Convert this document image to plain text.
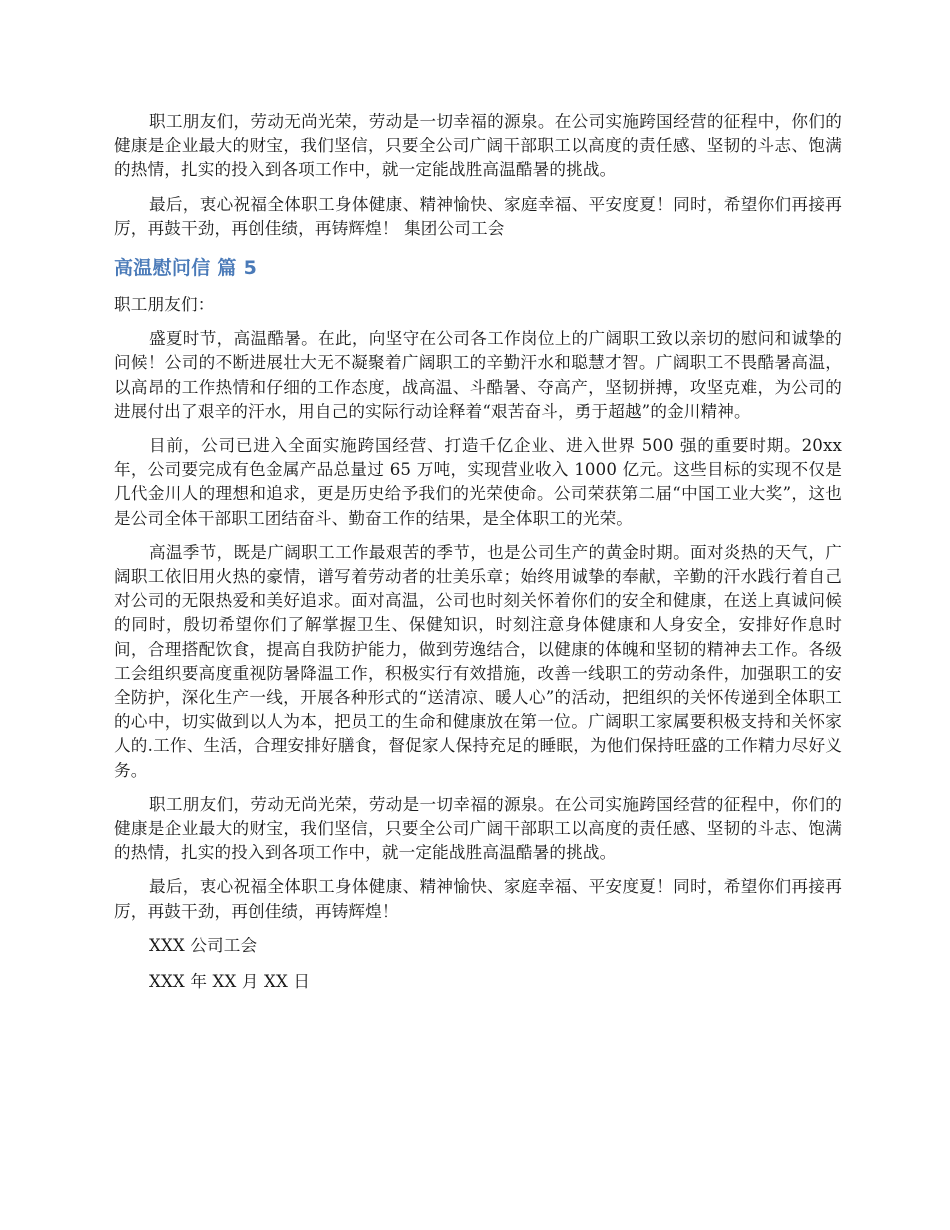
职工朋友们，劳动无尚光荣，劳动是一切幸福的源泉。在公司实施跨国经营的征程中，你们的健康是企业最大的财宝，我们坚信，只要全公司广阔干部职工以高度的责任感、坚韧的斗志、饱满的热情，扎实的投入到各项工作中，就一定能战胜高温酷暑的挑战。

最后，衷心祝福全体职工身体健康、精神愉快、家庭幸福、平安度夏！同时，希望你们再接再厉，再鼓干劲，再创佳绩，再铸辉煌！ 集团公司工会

高温慰问信 篇 5

职工朋友们：

盛夏时节，高温酷暑。在此，向坚守在公司各工作岗位上的广阔职工致以亲切的慰问和诚挚的问候！公司的不断进展壮大无不凝聚着广阔职工的辛勤汗水和聪慧才智。广阔职工不畏酷暑高温，以高昂的工作热情和仔细的工作态度，战高温、斗酷暑、夺高产，坚韧拼搏，攻坚克难，为公司的进展付出了艰辛的汗水，用自己的实际行动诠释着“艰苦奋斗，勇于超越”的金川精神。

目前，公司已进入全面实施跨国经营、打造千亿企业、进入世界 500 强的重要时期。20xx 年，公司要完成有色金属产品总量过 65 万吨，实现营业收入 1000 亿元。这些目标的实现不仅是几代金川人的理想和追求，更是历史给予我们的光荣使命。公司荣获第二届“中国工业大奖”，这也是公司全体干部职工团结奋斗、勤奋工作的结果，是全体职工的光荣。

高温季节，既是广阔职工工作最艰苦的季节，也是公司生产的黄金时期。面对炎热的天气，广阔职工依旧用火热的豪情，谱写着劳动者的壮美乐章；始终用诚挚的奉献，辛勤的汗水践行着自己对公司的无限热爱和美好追求。面对高温，公司也时刻关怀着你们的安全和健康，在送上真诚问候的同时，殷切希望你们了解掌握卫生、保健知识，时刻注意身体健康和人身安全，安排好作息时间，合理搭配饮食，提高自我防护能力，做到劳逸结合，以健康的体魄和坚韧的精神去工作。各级工会组织要高度重视防暑降温工作，积极实行有效措施，改善一线职工的劳动条件，加强职工的安全防护，深化生产一线，开展各种形式的“送清凉、暖人心”的活动，把组织的关怀传递到全体职工的心中，切实做到以人为本，把员工的生命和健康放在第一位。广阔职工家属要积极支持和关怀家人的.工作、生活，合理安排好膳食，督促家人保持充足的睡眠，为他们保持旺盛的工作精力尽好义务。

职工朋友们，劳动无尚光荣，劳动是一切幸福的源泉。在公司实施跨国经营的征程中，你们的健康是企业最大的财宝，我们坚信，只要全公司广阔干部职工以高度的责任感、坚韧的斗志、饱满的热情，扎实的投入到各项工作中，就一定能战胜高温酷暑的挑战。

最后，衷心祝福全体职工身体健康、精神愉快、家庭幸福、平安度夏！同时，希望你们再接再厉，再鼓干劲，再创佳绩，再铸辉煌！

XXX 公司工会

XXX 年 XX 月 XX 日
